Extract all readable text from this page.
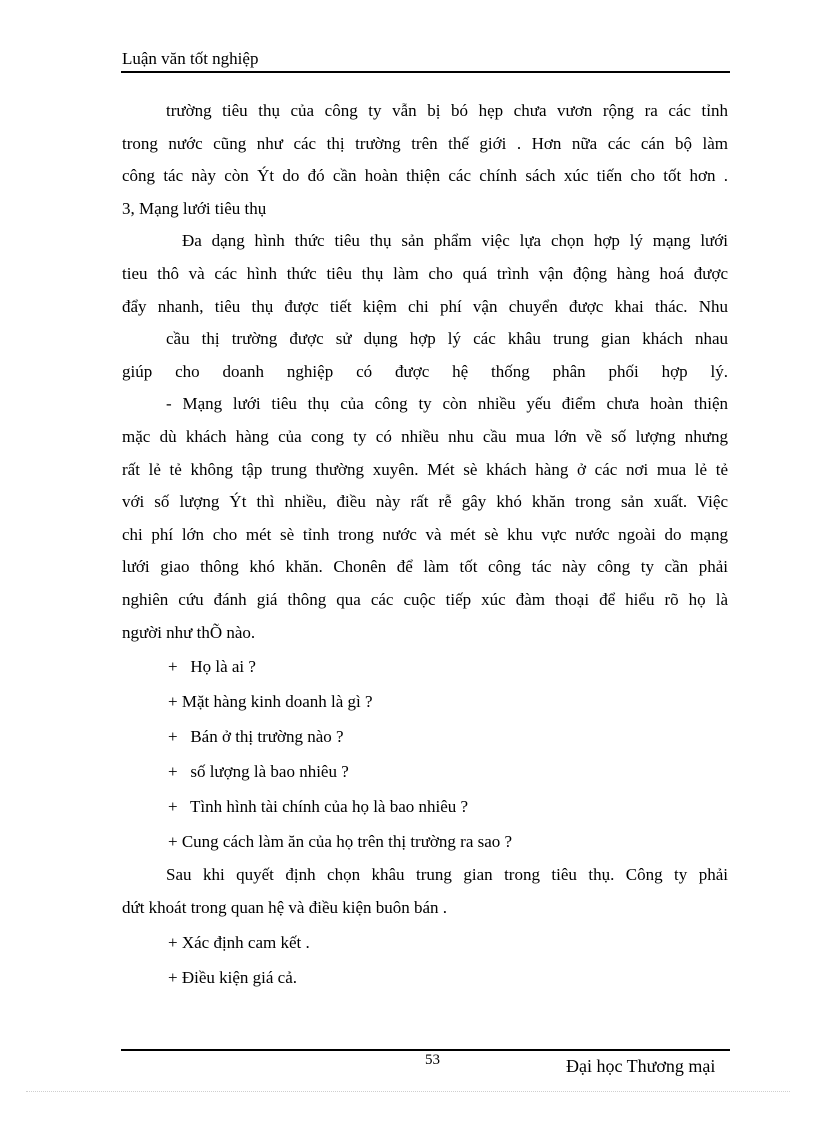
Luận văn tốt nghiệp

trường tiêu thụ của công ty vẫn bị bó hẹp chưa vươn rộng ra các tỉnh

trong nước cũng như các thị trường trên thế giới . Hơn nữa các cán bộ làm

công tác này còn Ýt do đó cần hoàn thiện các chính sách xúc tiến cho tốt hơn .

3, Mạng lưới tiêu thụ

Đa dạng hình thức tiêu thụ sản phẩm việc lựa chọn hợp lý mạng lưới

tieu thô và các hình thức tiêu thụ làm cho quá trình vận động hàng hoá được

đẩy nhanh, tiêu thụ được tiết kiệm chi phí vận chuyển được khai thác. Nhu

cầu thị trường được sử dụng hợp lý các khâu trung gian khách nhau

giúp cho doanh nghiệp có được hệ thống phân phối hợp lý.

- Mạng lưới tiêu thụ của công ty còn nhiều yếu điểm chưa hoàn thiện

mặc dù khách hàng của cong ty có nhiều nhu cầu mua lớn về số lượng nhưng

rất lẻ tẻ không tập trung thường xuyên. Mét sè khách hàng ở các nơi mua lẻ tẻ

với số lượng Ýt thì nhiều, điều này rất rễ gây khó khăn trong sản xuất. Việc

chi phí lớn cho mét sè tỉnh trong nước và mét sè khu vực nước ngoài do mạng

lưới giao thông khó khăn. Chonên để làm tốt công tác này công ty cần phải

nghiên cứu đánh giá thông qua các cuộc tiếp xúc đàm thoại để hiểu rõ họ là

người như thÕ nào.

+   Họ là ai ?
+ Mặt hàng kinh doanh là gì ?
+   Bán ở thị trường nào ?
+   số lượng là bao nhiêu ?
+   Tình hình tài chính của họ là bao nhiêu ?
+ Cung cách làm ăn của họ trên thị trường ra sao ?

Sau khi quyết định chọn khâu trung gian trong tiêu thụ. Công ty phải

dứt khoát trong quan hệ và điều kiện buôn bán .

+ Xác định cam kết .
+ Điều kiện giá cả.
53	Đại học Thương mại
